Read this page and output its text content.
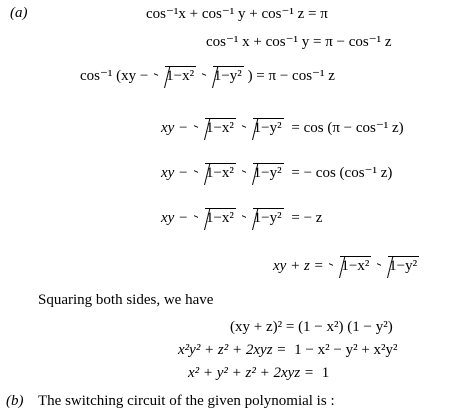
(a)	cos⁻¹x + cos⁻¹ y + cos⁻¹ z = π
cos⁻¹ x + cos⁻¹ y = π − cos⁻¹ z
cos⁻¹ (xy − 1−x² 1−y² ) = π − cos⁻¹ z
xy − 1−x² 1−y² = cos (π − cos⁻¹ z)
xy − 1−x² 1−y² = − cos (cos⁻¹ z)
xy − 1−x² 1−y² = − z
xy + z = 1−x² 1−y²
Squaring both sides, we have
(xy + z)² = (1 − x²) (1 − y²)
x²y² + z² + 2xyz = 1 − x² − y² + x²y²
x² + y² + z² + 2xyz = 1
(b) The switching circuit of the given polynomial is :
